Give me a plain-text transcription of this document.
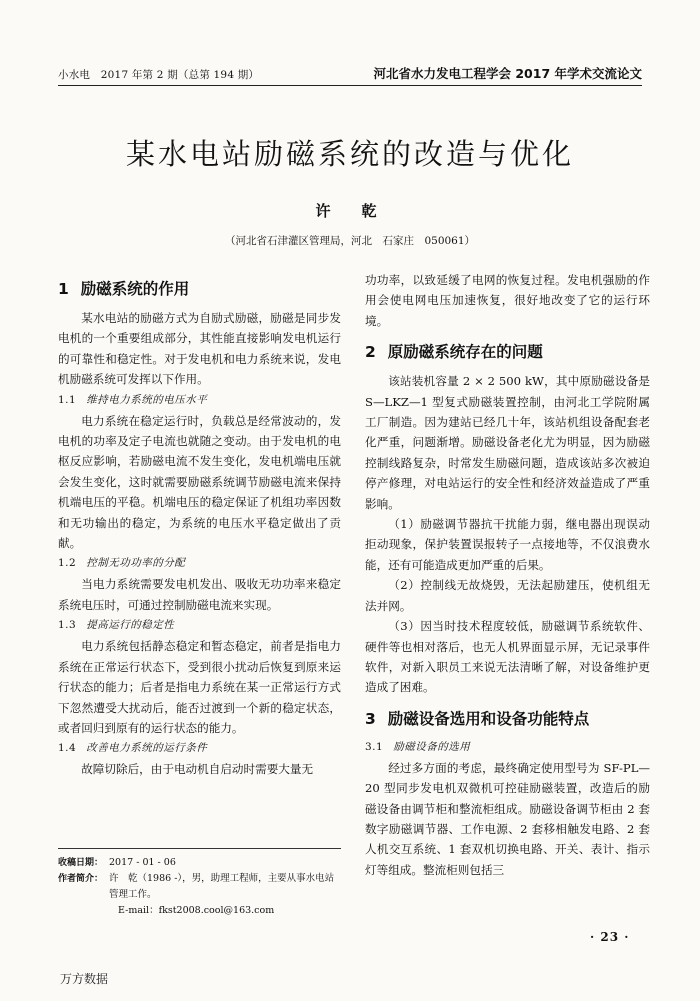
小水电　2017 年第 2 期（总第 194 期）	河北省水力发电工程学会 2017 年学术交流论文
某水电站励磁系统的改造与优化
许　乾
（河北省石津灌区管理局，河北　石家庄　050061）
1 励磁系统的作用

某水电站的励磁方式为自励式励磁，励磁是同步发电机的一个重要组成部分，其性能直接影响发电机运行的可靠性和稳定性。对于发电机和电力系统来说，发电机励磁系统可发挥以下作用。

1.1 维持电力系统的电压水平

电力系统在稳定运行时，负载总是经常波动的，发电机的功率及定子电流也就随之变动。由于发电机的电枢反应影响，若励磁电流不发生变化，发电机端电压就会发生变化，这时就需要励磁系统调节励磁电流来保持机端电压的平稳。机端电压的稳定保证了机组功率因数和无功输出的稳定，为系统的电压水平稳定做出了贡献。

1.2 控制无功功率的分配

当电力系统需要发电机发出、吸收无功功率来稳定系统电压时，可通过控制励磁电流来实现。

1.3 提高运行的稳定性

电力系统包括静态稳定和暂态稳定，前者是指电力系统在正常运行状态下，受到很小扰动后恢复到原来运行状态的能力；后者是指电力系统在某一正常运行方式下忽然遭受大扰动后，能否过渡到一个新的稳定状态，或者回归到原有的运行状态的能力。

1.4 改善电力系统的运行条件

故障切除后，由于电动机自启动时需要大量无

功功率，以致延缓了电网的恢复过程。发电机强励的作用会使电网电压加速恢复，很好地改变了它的运行环境。

2 原励磁系统存在的问题

该站装机容量 2 × 2 500 kW，其中原励磁设备是 S—LKZ—1 型复式励磁装置控制，由河北工学院附属工厂制造。因为建站已经几十年，该站机组设备配套老化严重，问题渐增。励磁设备老化尤为明显，因为励磁控制线路复杂，时常发生励磁问题，造成该站多次被迫停产修理，对电站运行的安全性和经济效益造成了严重影响。

（1）励磁调节器抗干扰能力弱，继电器出现误动拒动现象，保护装置误报转子一点接地等，不仅浪费水能，还有可能造成更加严重的后果。

（2）控制线无故烧毁，无法起励建压，使机组无法并网。

（3）因当时技术程度较低，励磁调节系统软件、硬件等也相对落后，也无人机界面显示屏，无记录事件软件，对新入职员工来说无法清晰了解，对设备维护更造成了困难。

3 励磁设备选用和设备功能特点
3.1 励磁设备的选用

经过多方面的考虑，最终确定使用型号为 SF-PL—20 型同步发电机双微机可控硅励磁装置，改造后的励磁设备由调节柜和整流柜组成。励磁设备调节柜由 2 套数字励磁调节器、工作电源、2 套移相触发电路、2 套人机交互系统、1 套双机切换电路、开关、表计、指示灯等组成。整流柜则包括三

收稿日期： 2017 - 01 - 06
作者简介： 许　乾（1986 -），男，助理工程师，主要从事水电站管理工作。
E-mail：fkst2008.cool@163.com
· 23 ·
万方数据
